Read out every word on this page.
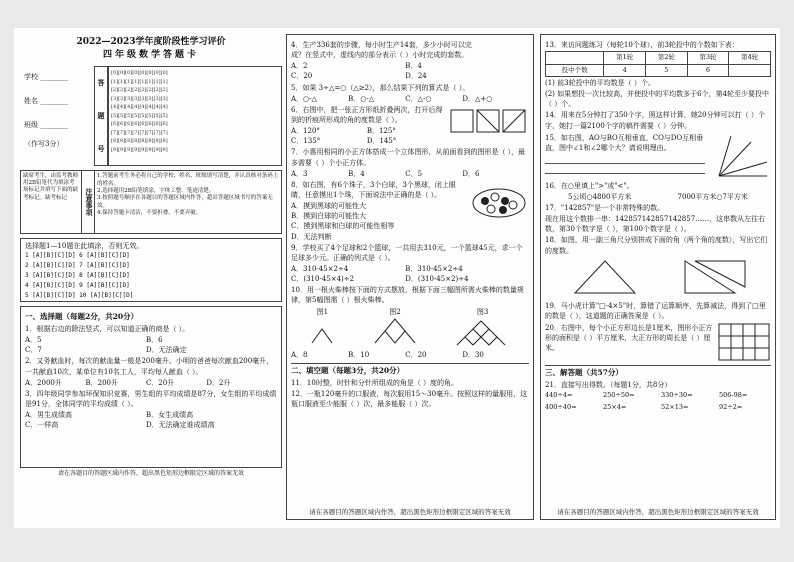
2022—2023学年度阶段性学习评价
四年级数学答题卡
学校 ________
姓名 ________
班级 ________
（作写3分）
答
题
号
[0][0][0][0][0][0][0][0]
[1][1][1][1][1][1][1][1]
[2][2][2][2][2][2][2][2]
[3][3][3][3][3][3][3][3]
[4][4][4][4][4][4][4][4]
[5][5][5][5][5][5][5][5]
[6][6][6][6][6][6][6][6]
[7][7][7][7][7][7][7][7]
[8][8][8][8][8][8][8][8]
[9][9][9][9][9][9][9][9]
缺席考生，由监考教师用2B铅笔代为填涂考场标记并填写下面的缺考标记。缺考标记	注意事项
1.答题前考生务必将自己的学校、姓名、班级填写清楚，并认真核对条码上的姓名。
2.选择题用2B铅笔填涂，字体工整、笔迹清楚。
3.按照题号顺序在各题目的答题区域内作答，超出答题区域书写的答案无效。
4.保持答题卡清洁，不要折叠，不要弄破。
选择题1—10题在此填涂，否则无效。
1 [A][B][C][D] 6 [A][B][C][D]
2 [A][B][C][D] 7 [A][B][C][D]
3 [A][B][C][D] 8 [A][B][C][D]
4 [A][B][C][D] 9 [A][B][C][D]
5 [A][B][C][D] 10 [A][B][C][D]
一、选择题（每题2分，共20分）
1．根据右边的除法竖式，可以知道正确的商是（ ）。
A．5	B．6
C．7	D．无法确定
2．又务献血时，每次的献血量一般是200毫升。小明的爸爸每次献血200毫升，一共献血10次，某单位有10名工人，平均每人献血（ ）。
A．2000升	B．200升	C．20升	D．2升
3．四年级同学参加环保知识竞赛，男生组的平均成绩是87分，女生组的平均成绩是91分，全体同学的平均成绩（ ）。
A．男生成绩高	B．女生成绩高
C．一样高	D．无法确定谁成绩高
请在各题目的答题区域内作答，超出黑色矩形边框限定区域的答案无效
4．生产336套的步骤，每小时生产14套，多少小时可以完成？在竖式中，虚线内的部分表示（ ）小时完成的套数。
A．2	B．4
C．20	D．24
5．如果 3÷△=○（△≥2），那么结果下列的算式是（ ）。
A．○-△	B．○-△	C．△-○	D．△+○
6．右图中，把一张正方形纸折叠两次，打开后得到的折痕所形成的角的度数是（ ）。
A．120°	B．125°
C．135°	D．145°
7．小惠用相同的小正方体搭成一个立体图形，从前面看到的图形是（ ），最多需要（ ）个小正方体。
A．3	B．4	C．5	D．6
8．如右图，有6个珠子，3个白球，3个黑球，闭上眼睛，任意摸出1个珠，下面说法中正确的是（ ）。
A．摸到黑球的可能性大
B．摸到白球的可能性大
C．摸到黑球和白球的可能性相等
D．无法判断
9．学校买了4个足球和2个篮球，一共用去310元，一个篮球45元，求一个足球多少元。正确的列式是（ ）。
A．310-45×2÷4	B．310-45×2÷4
C．(310-45×4)÷2	D．(310-45×2)÷4
10．用一根火柴棒按下面的方式摆放，根据下面三幅图所需火柴棒的数量规律，第5幅图需（ ）根火柴棒。
图1	图2	图3
A．8	B．10	C．20	D．30
二、填空题（每题3分，共20分）
11．10时整，时针和分针所组成的角是（ ）度的角。
12．一瓶120毫升的口服液，每次服用15～30毫升。按照这样的量服用，这瓶口服液至少能服（ ）次，最多能服（ ）次。
请在各题目的答题区域内作答，超出黑色矩形边框限定区域的答案无效
13．来访问题练习（每轮10个球），前3轮投中的个数如下表：
	第1轮	第2轮	第3轮	第4轮
投中个数	4	5	6	
(1) 前3轮投中的平均数是（ ）个。
(2) 如果想投一次比较高，并使投中的平均数多于6个，第4轮至少要投中（ ）个。
14．用来在5分钟打了350个字，照这样计算，她20分钟可以打（ ）个字，她打一篇2100个字的稿件需要（ ）分钟。
15．如右图，AO与BO互相垂直，CO与DO互相垂直，图中∠1和∠2哪个大？请说明理由。
16．在○里填上">"或"<"。
5公顷○4800平方米	7000平方米○7平方米
17．"142857"是一个非常特殊的数。
现在用这个数排一串：142857142857142857……，这串数从左往右数，第30个数字是（ ），第100个数字是（ ）。
18．如图，用一副三角尺分别拼成下面的角（两个角的度数），写出它们的度数。
19．马小虎计算"□-4×5"时，算错了运算顺序，先算减法，得到了□里的数是（ ），这道题的正确答案是（ ）。
20．右图中，每个小正方形边长是1厘米，图形小正方形的面积是（ ）平方厘米，大正方形的周长是（ ）厘米。
三、解答题（共57分）
21．直接写出得数。（每题1分，共8分）
440÷4=	250÷50=	330÷30=	506-98=
400÷40=	25×4=	52×13=	92÷2=
请在各题目的答题区域内作答，超出黑色矩形边框限定区域的答案无效
